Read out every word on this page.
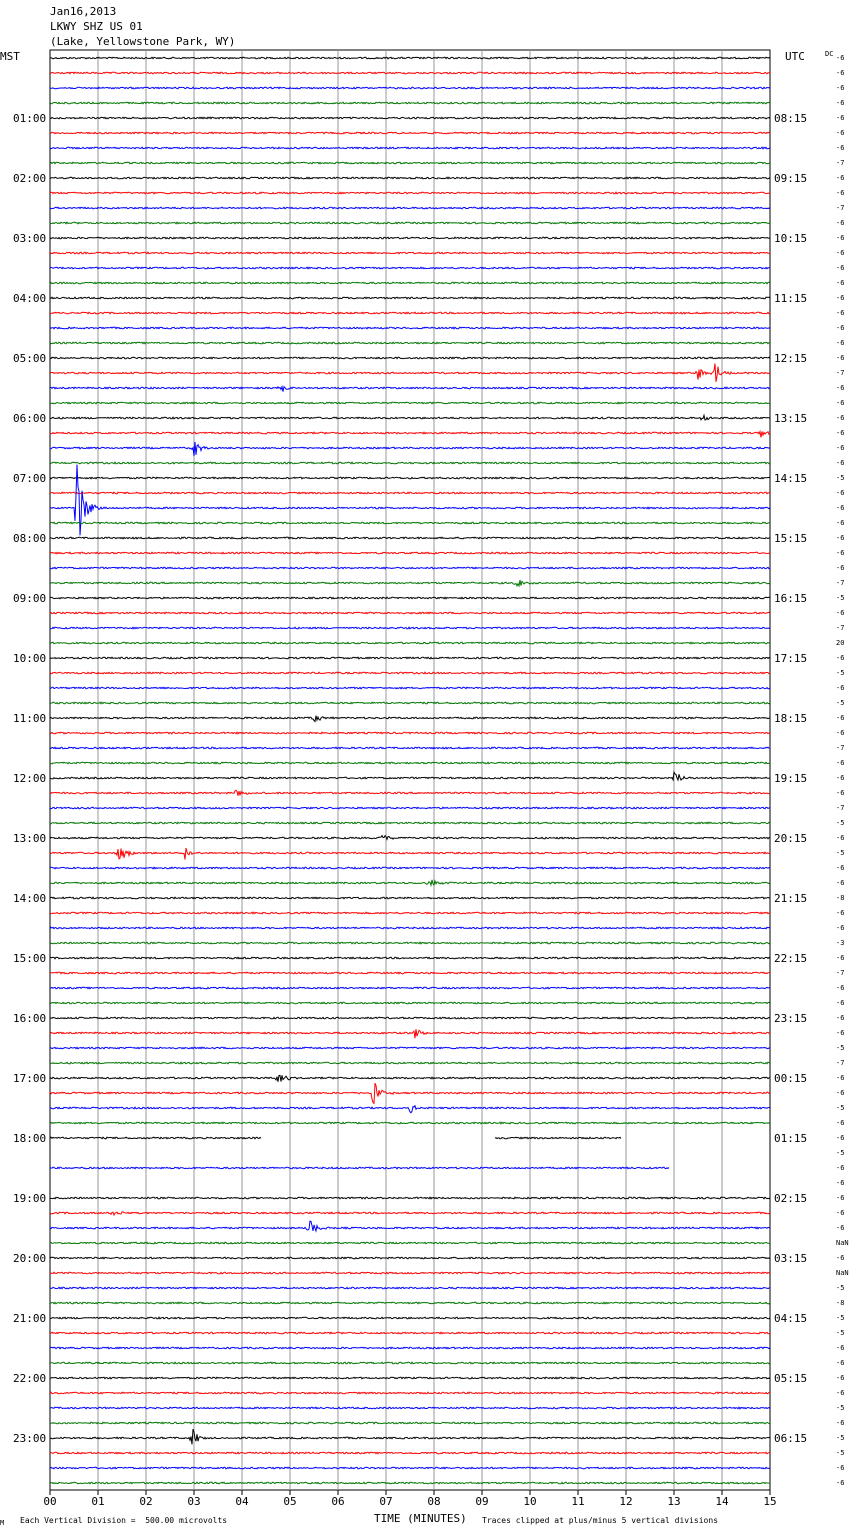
Jan16,2013
LKWY SHZ US 01
(Lake, Yellowstone Park, WY)
MST	UTC	DC -6
-6
-6
-6
-6
-6
-6
-7
-6
-6
-7
-6
-6
-6
-6
-6
-6
-6
-6
-6
-6
-7
-6
-6
-6
-6
-6
-6
-5
-6
-6
-6
-6
-6
-6
-7
-5
-6
-7
20
-6
-5
-6
-5
-6
-6
-7
-6
-6
-6
-7
-5
-6
-5
-6
-6
-8
-6
-6
-3
-6
-7
-6
-6
-6
-6
-5
-7
-6
-6
-5
-6
-6
-5
-6
-6
-6
-6
-6
NaN
-6
NaN
-5
-8
-5
-5
-6
-6
-6
-6
-5
-6
-5
-5
-6
-6
01:00
02:00
03:00
04:00
05:00
06:00
07:00
08:00
09:00
10:00
11:00
12:00
13:00
14:00
15:00
16:00
17:00
18:00
19:00
20:00
21:00
22:00
23:00
08:15
09:15
10:15
11:15
12:15
13:15
14:15
15:15
16:15
17:15
18:15
19:15
20:15
21:15
22:15
23:15
00:15
01:15
02:15
03:15
04:15
05:15
06:15
00	01	02	03	04	05	06	07	08	09	10	11	12	13	14	15
M Each Vertical Division =  500.00 microvolts	TIME (MINUTES) Traces clipped at plus/minus 5 vertical divisions
